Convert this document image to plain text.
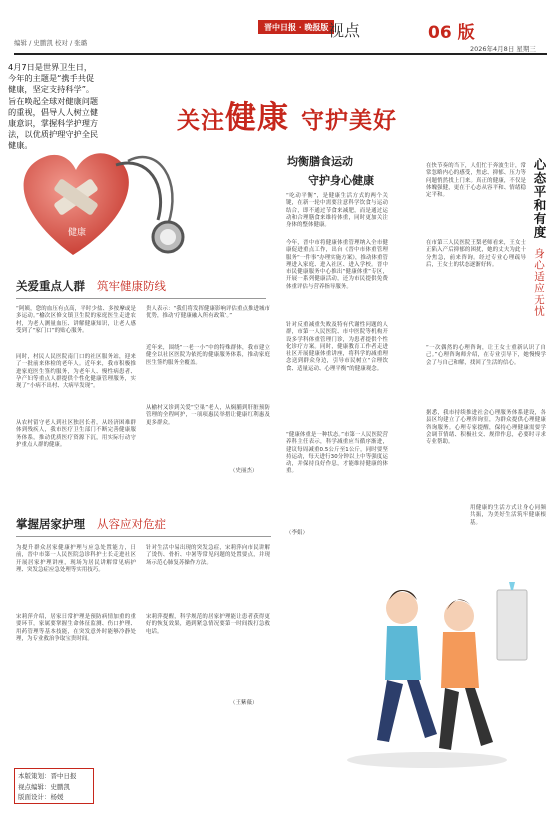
编辑 / 史鹏凯 校对 / 张璐
晋中日报 · 晚报版 视点	06 版
2026年4月8日 星期三
4月7日是世界卫生日，今年的主题是“携手共促健康，坚定支持科学”。旨在唤起全球对健康问题的重视，倡导人人树立健康意识，掌握科学护理方法，以优质护理守护全民健康。
关注健康 守护美好
健康
均衡膳食运动
守护身心健康
“吃动平衡”，是健康生活方式的两个关键，在新一轮中需要注意科学饮食与运动结合，即不通过节食来减肥，而是通过运动和合理膳食来维持体重，同时更加关注身体的整体健康。
今年，晋中市将健康体重管理纳入全市健康促进重点工作，出台《晋中市体重管理服务“一件事”办理实施方案》，推动体重管理进入家庭、进入社区、进入学校。晋中市民健康服务中心推出“健康体重”专区，开展一系列健康活动，还为市民提供免费体重评估与营养指导服务。
针对反重减重失败及特有代谢性问题的人群，市第一人民医院、市中医院等机构开设多学科体重管理门诊，为患者提供个性化诊疗方案。同时，健康教育工作者走进社区开展健康体重讲座，将科学的减重理念送到群众身边，引导市民树立“合理饮食、适量运动、心理平衡”的健康观念。
“健康体重是一种状态。”市第一人民医院营养科主任表示，科学减重应当循序渐进，建议每周减重0.5公斤至1公斤，同时要坚持运动，每天进行30分钟以上中等强度运动，并保持良好作息，才能维持健康的体重。
（李娟）
关爱重点人群 筑牢健康防线
“阿姨，您的血压有点高，平时少盐、多按摩或是多运动。”榆次区修文镇卫生院的家庭医生走进农村，为老人测量血压、讲解健康知识，让老人感受到了“家门口”的贴心服务。
同时，村民人民医院南门口的社区服务站，迎来了一批前来体检的老年人。近年来，我市积极推进家庭医生签约服务，为老年人、慢性病患者、孕产妇等重点人群提供个性化健康管理服务，实现了“小病不出村、大病早发现”。
从农村留守老人到社区独居长者，从经济困难群体到残疾人，我市医疗卫生部门不断完善健康服务体系，推动优质医疗资源下沉，用实际行动守护重点人群的健康。
贵人表示：“我们将发挥健康影响评估重点推进城市优势，推动‘疗健康融入所有政策’。”
近年来，围绕“一老一小”中的特殊群体，我市建立健全以社区医院为依托的健康服务体系，推动家庭医生签约服务全覆盖。
从榆村又诊到关爱“空巢”老人，从焖脯到肝脏预防管理的全程呵护，一项项惠民举措让健康红利惠及更多群众。
（史丽杰）
掌握居家护理 从容应对危症
为提升群众居家健康护理与应急处置能力，日前，晋中市第一人民医院急诊科护士长走进社区开展居家护理讲座，现场为居民讲解常见病护理、突发急症应急处理等实用技巧。
宋莉萍介绍，居家日常护理是预防病情加重的重要环节，家属要掌握生命体征监测、伤口护理、用药管理等基本技能，在突发意外时能够冷静处理，为专业救治争取宝贵时间。
针对生活中易出现的突发急症，宋莉萍向市民讲解了烫伤、骨折、中暑等常见问题的处置要点，并现场示范心肺复苏操作方法。
宋莉萍提醒，科学规范的居家护理能让患者获得更好的恢复效果，遇到紧急情况要第一时间拨打急救电话。
（王紫薇）
心态平和有度
身心适应无忧
在快节奏的当下，人们忙于奔波生计，常常忽略内心的感受，焦虑、抑郁、压力等问题悄然找上门来。真正的健康，不仅是体魄强健，更在于心态从容平和、情绪稳定平和。
在市第三人民医院王梨老师看来，王女士正陷入产后抑郁的困扰，她的丈夫为此十分焦急，前来咨询。经过专业心理疏导后，王女士的状态逐渐好转。
“一次偶然的心理咨询，让王女士重新认识了自己。”心理咨询师介绍，在专业引导下，她慢慢学会了与自己和解，找回了生活的信心。
据悉，我市持续推进社会心理服务体系建设，各县区均建立了心理咨询室，为群众提供心理健康咨询服务。心理专家提醒，保持心理健康需要学会调节情绪、积极社交、规律作息，必要时寻求专业帮助。
用健康的生活方式让身心同频共振，为美好生活筑牢健康根基。
本版策划：晋中日报
视点编辑：史鹏凯
版面设计：杨媛
